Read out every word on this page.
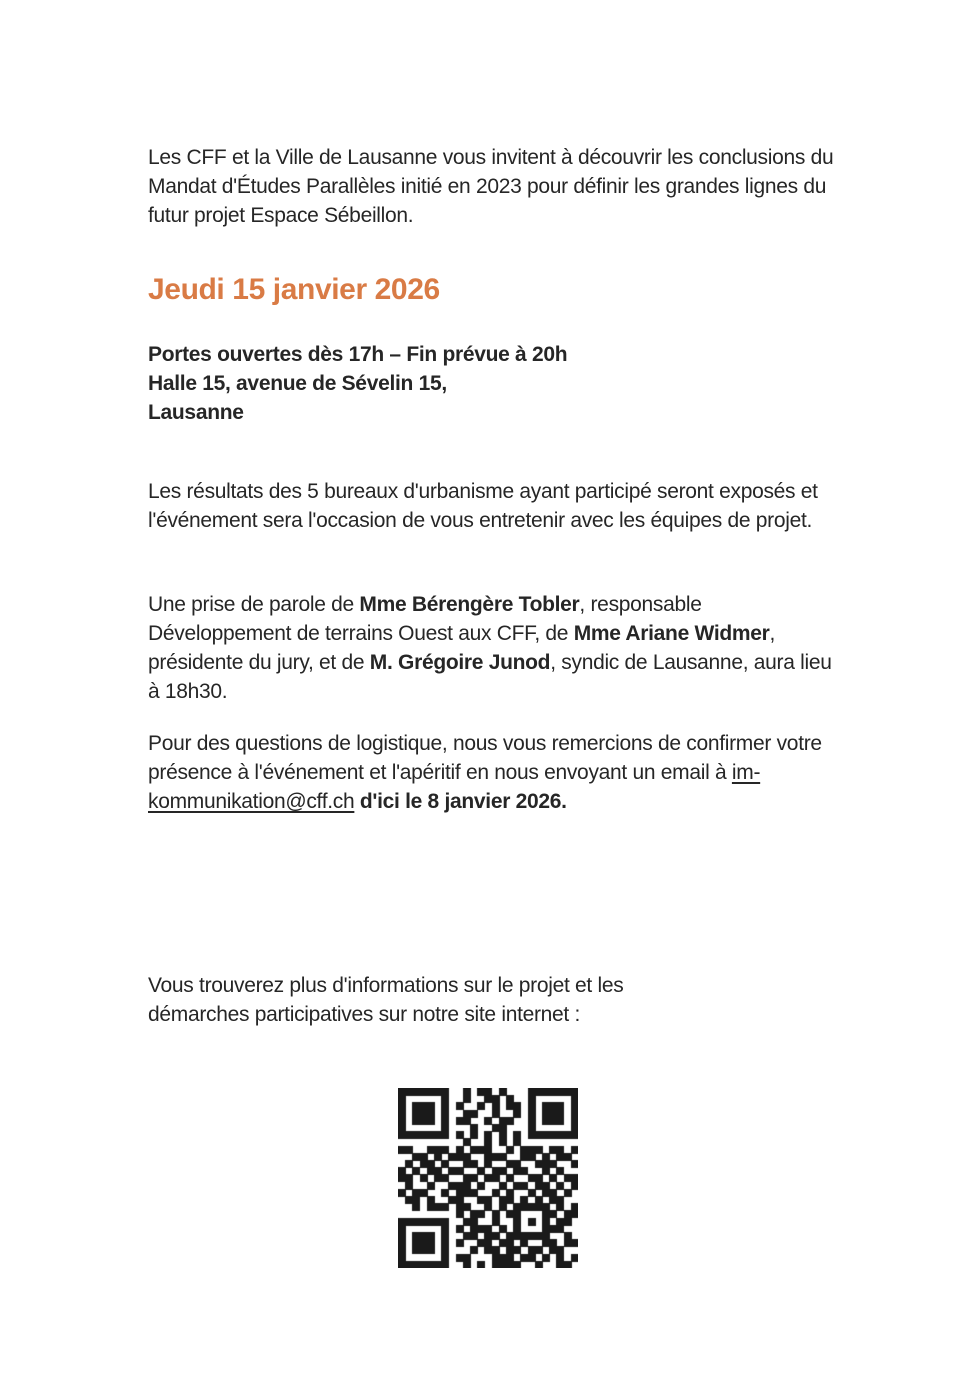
Les CFF et la Ville de Lausanne vous invitent à découvrir les conclusions du Mandat d'Études Parallèles initié en 2023 pour définir les grandes lignes du futur projet Espace Sébeillon.

Jeudi 15 janvier 2026
Portes ouvertes dès 17h – Fin prévue à 20h
Halle 15, avenue de Sévelin 15,
Lausanne

Les résultats des 5 bureaux d'urbanisme ayant participé seront exposés et l'événement sera l'occasion de vous entretenir avec les équipes de projet.

Une prise de parole de Mme Bérengère Tobler, responsable Développement de terrains Ouest aux CFF, de Mme Ariane Widmer, présidente du jury, et de M. Grégoire Junod, syndic de Lausanne, aura lieu à 18h30.

Pour des questions de logistique, nous vous remercions de confirmer votre présence à l'événement et l'apéritif en nous envoyant un email à im-kommunikation@cff.ch d'ici le 8 janvier 2026.

Vous trouverez plus d'informations sur le projet et les démarches participatives sur notre site internet :
